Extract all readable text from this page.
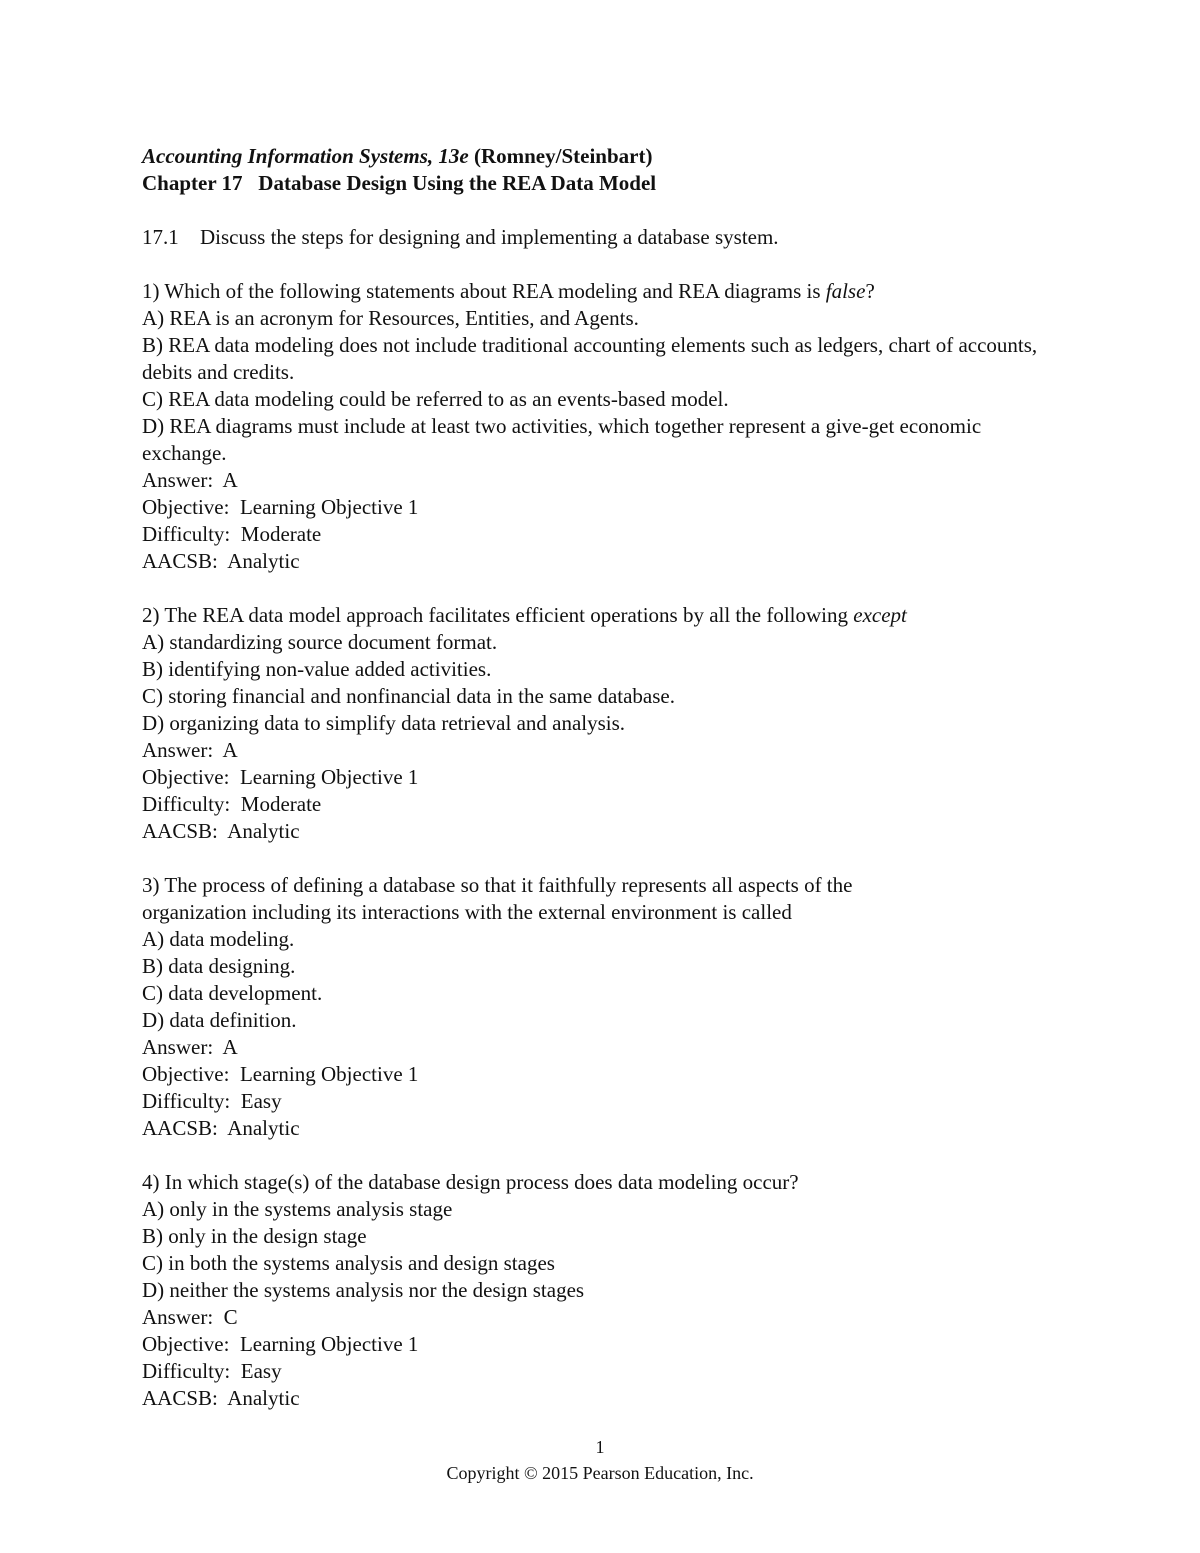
Accounting Information Systems, 13e (Romney/Steinbart)
Chapter 17   Database Design Using the REA Data Model
17.1 Discuss the steps for designing and implementing a database system.
1) Which of the following statements about REA modeling and REA diagrams is false?
A) REA is an acronym for Resources, Entities, and Agents.
B) REA data modeling does not include traditional accounting elements such as ledgers, chart of accounts, debits and credits.
C) REA data modeling could be referred to as an events-based model.
D) REA diagrams must include at least two activities, which together represent a give-get economic exchange.
Answer:  A
Objective:  Learning Objective 1
Difficulty:  Moderate
AACSB:  Analytic
2) The REA data model approach facilitates efficient operations by all the following except
A) standardizing source document format.
B) identifying non-value added activities.
C) storing financial and nonfinancial data in the same database.
D) organizing data to simplify data retrieval and analysis.
Answer:  A
Objective:  Learning Objective 1
Difficulty:  Moderate
AACSB:  Analytic
3) The process of defining a database so that it faithfully represents all aspects of the organization including its interactions with the external environment is called
A) data modeling.
B) data designing.
C) data development.
D) data definition.
Answer:  A
Objective:  Learning Objective 1
Difficulty:  Easy
AACSB:  Analytic
4) In which stage(s) of the database design process does data modeling occur?
A) only in the systems analysis stage
B) only in the design stage
C) in both the systems analysis and design stages
D) neither the systems analysis nor the design stages
Answer:  C
Objective:  Learning Objective 1
Difficulty:  Easy
AACSB:  Analytic
1
Copyright © 2015 Pearson Education, Inc.
